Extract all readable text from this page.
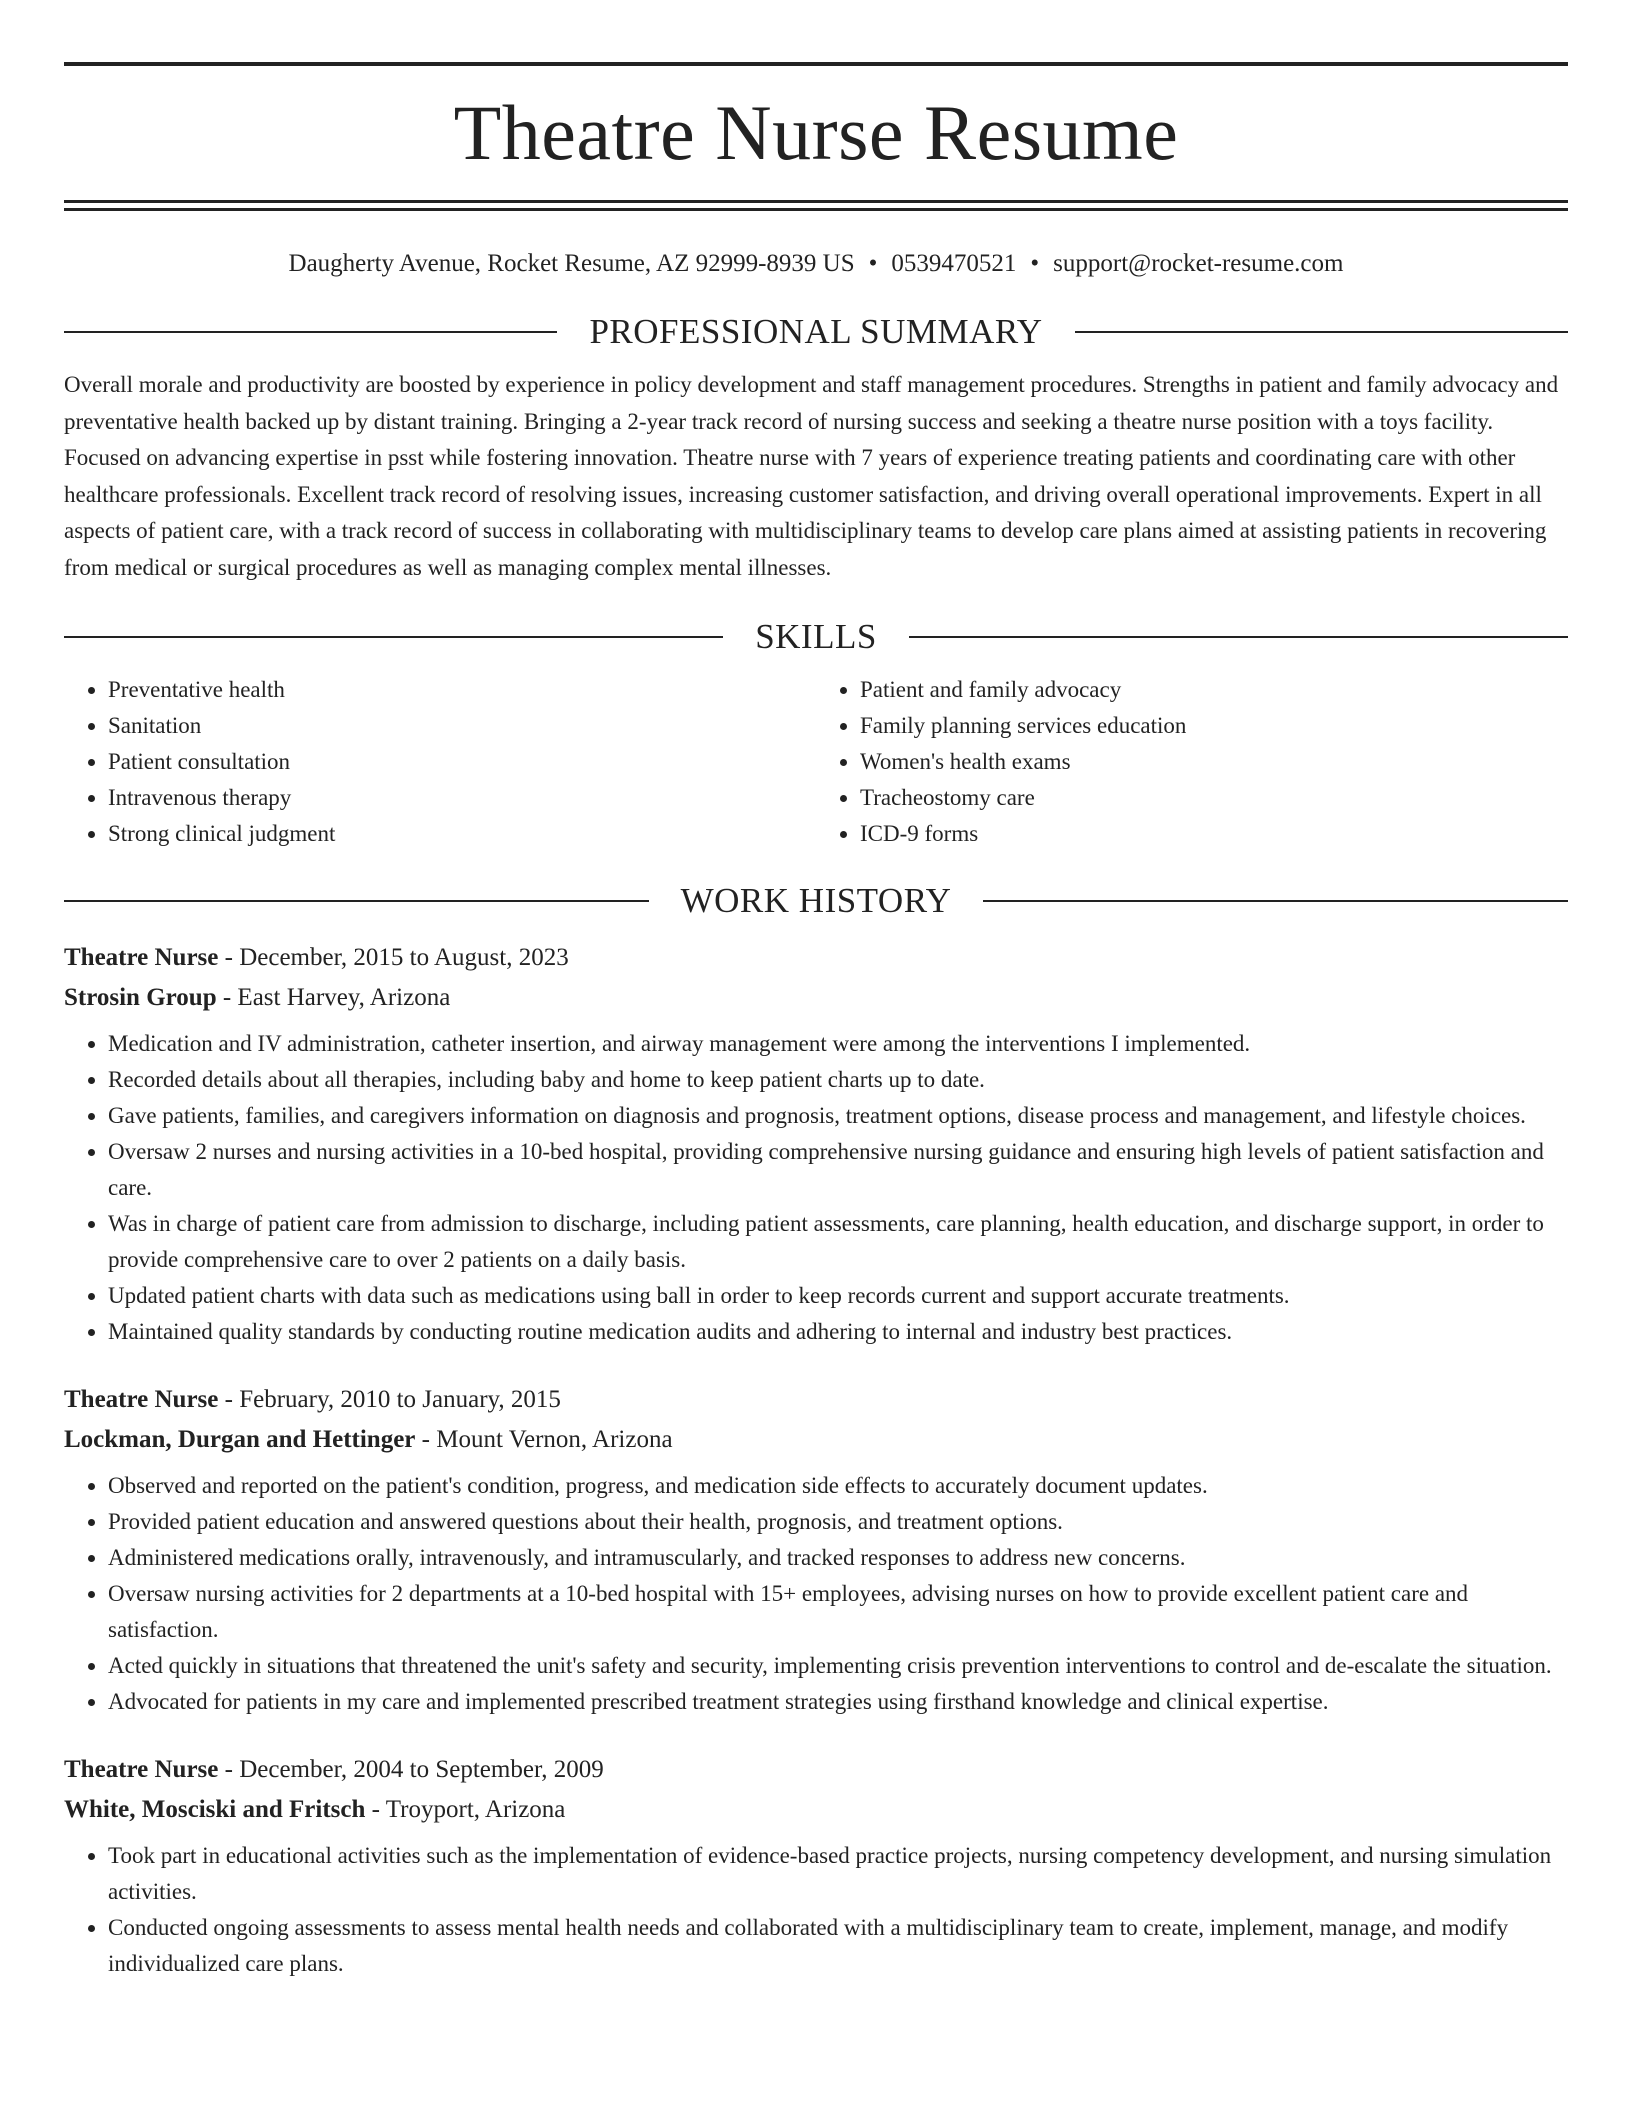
Theatre Nurse Resume
Daugherty Avenue, Rocket Resume, AZ 92999-8939 US • 0539470521 • support@rocket-resume.com
PROFESSIONAL SUMMARY

Overall morale and productivity are boosted by experience in policy development and staff management procedures. Strengths in patient and family advocacy and preventative health backed up by distant training. Bringing a 2-year track record of nursing success and seeking a theatre nurse position with a toys facility. Focused on advancing expertise in psst while fostering innovation. Theatre nurse with 7 years of experience treating patients and coordinating care with other healthcare professionals. Excellent track record of resolving issues, increasing customer satisfaction, and driving overall operational improvements. Expert in all aspects of patient care, with a track record of success in collaborating with multidisciplinary teams to develop care plans aimed at assisting patients in recovering from medical or surgical procedures as well as managing complex mental illnesses.

SKILLS
• Preventative health
• Sanitation
• Patient consultation
• Intravenous therapy
• Strong clinical judgment
• Patient and family advocacy
• Family planning services education
• Women's health exams
• Tracheostomy care
• ICD-9 forms
WORK HISTORY
Theatre Nurse - December, 2015 to August, 2023
Strosin Group - East Harvey, Arizona
• Medication and IV administration, catheter insertion, and airway management were among the interventions I implemented.
• Recorded details about all therapies, including baby and home to keep patient charts up to date.
• Gave patients, families, and caregivers information on diagnosis and prognosis, treatment options, disease process and management, and lifestyle choices.
• Oversaw 2 nurses and nursing activities in a 10-bed hospital, providing comprehensive nursing guidance and ensuring high levels of patient satisfaction and care.
• Was in charge of patient care from admission to discharge, including patient assessments, care planning, health education, and discharge support, in order to provide comprehensive care to over 2 patients on a daily basis.
• Updated patient charts with data such as medications using ball in order to keep records current and support accurate treatments.
• Maintained quality standards by conducting routine medication audits and adhering to internal and industry best practices.
Theatre Nurse - February, 2010 to January, 2015
Lockman, Durgan and Hettinger - Mount Vernon, Arizona
• Observed and reported on the patient's condition, progress, and medication side effects to accurately document updates.
• Provided patient education and answered questions about their health, prognosis, and treatment options.
• Administered medications orally, intravenously, and intramuscularly, and tracked responses to address new concerns.
• Oversaw nursing activities for 2 departments at a 10-bed hospital with 15+ employees, advising nurses on how to provide excellent patient care and satisfaction.
• Acted quickly in situations that threatened the unit's safety and security, implementing crisis prevention interventions to control and de-escalate the situation.
• Advocated for patients in my care and implemented prescribed treatment strategies using firsthand knowledge and clinical expertise.
Theatre Nurse - December, 2004 to September, 2009
White, Mosciski and Fritsch - Troyport, Arizona
• Took part in educational activities such as the implementation of evidence-based practice projects, nursing competency development, and nursing simulation activities.
• Conducted ongoing assessments to assess mental health needs and collaborated with a multidisciplinary team to create, implement, manage, and modify individualized care plans.
